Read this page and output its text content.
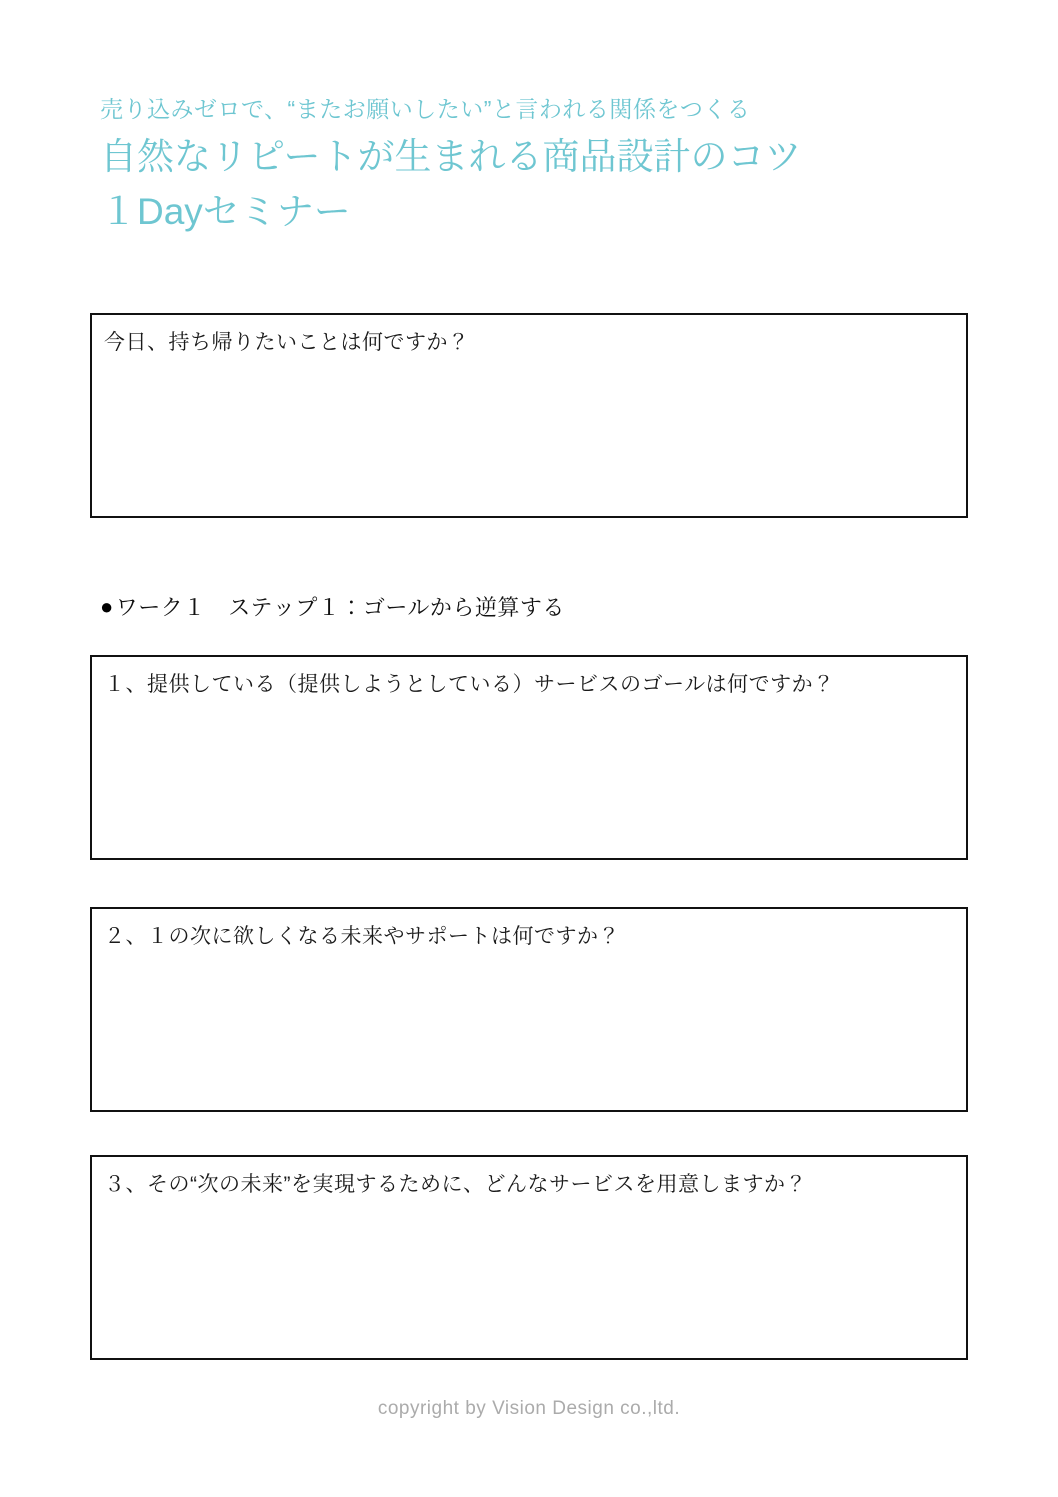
売り込みゼロで、“またお願いしたい”と言われる関係をつくる
自然なリピートが生まれる商品設計のコツ
１Dayセミナー
今日、持ち帰りたいことは何ですか？
● ワーク１　ステップ１：ゴールから逆算する
１、提供している（提供しようとしている）サービスのゴールは何ですか？
２、１の次に欲しくなる未来やサポートは何ですか？
３、その“次の未来”を実現するために、どんなサービスを用意しますか？
copyright by Vision Design co.,ltd.
